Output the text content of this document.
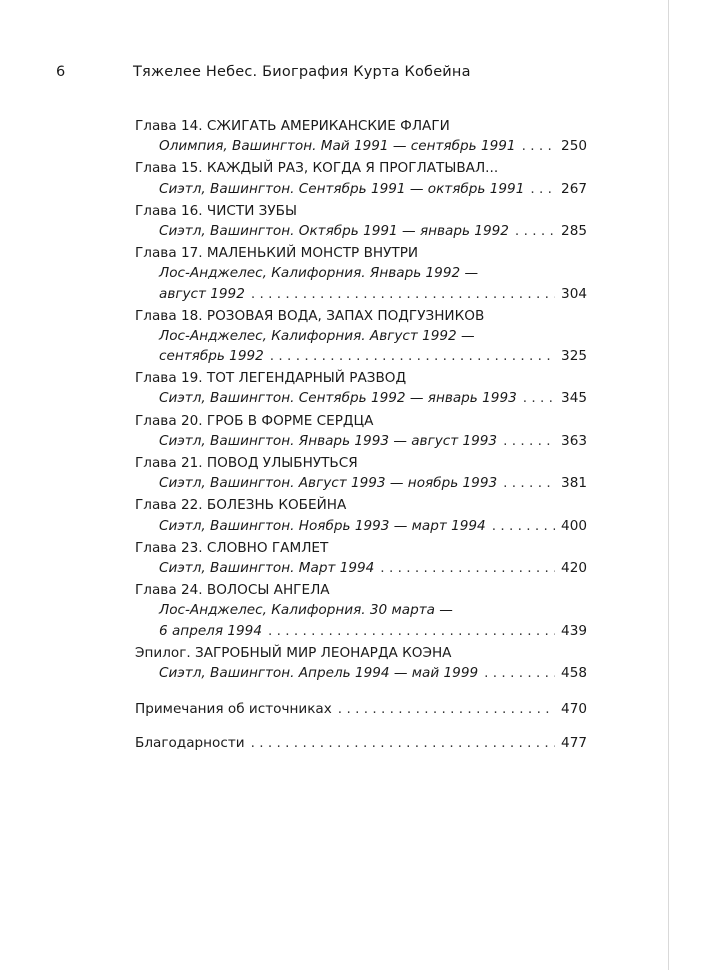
6	Тяжелее Небес. Биография Курта Кобейна
Глава 14. СЖИГАТЬ АМЕРИКАНСКИЕ ФЛАГИ
Олимпия, Вашингтон. Май 1991 — сентябрь 1991 . . .	250
Глава 15. КАЖДЫЙ РАЗ, КОГДА Я ПРОГЛАТЫВАЛ...
Сиэтл, Вашингтон. Сентябрь 1991 — октябрь 1991 . . .	267
Глава 16. ЧИСТИ ЗУБЫ
Сиэтл, Вашингтон. Октябрь 1991 — январь 1992 . . .	285
Глава 17. МАЛЕНЬКИЙ МОНСТР ВНУТРИ
Лос-Анджелес, Калифорния. Январь 1992 —
август 1992 . . .	304
Глава 18. РОЗОВАЯ ВОДА, ЗАПАХ ПОДГУЗНИКОВ
Лос-Анджелес, Калифорния. Август 1992 —
сентябрь 1992 . . .	325
Глава 19. ТОТ ЛЕГЕНДАРНЫЙ РАЗВОД
Сиэтл, Вашингтон. Сентябрь 1992 — январь 1993 . . .	345
Глава 20. ГРОБ В ФОРМЕ СЕРДЦА
Сиэтл, Вашингтон. Январь 1993 — август 1993 . . .	363
Глава 21. ПОВОД УЛЫБНУТЬСЯ
Сиэтл, Вашингтон. Август 1993 — ноябрь 1993 . . .	381
Глава 22. БОЛЕЗНЬ КОБЕЙНА
Сиэтл, Вашингтон. Ноябрь 1993 — март 1994 . . .	400
Глава 23. СЛОВНО ГАМЛЕТ
Сиэтл, Вашингтон. Март 1994 . . .	420
Глава 24. ВОЛОСЫ АНГЕЛА
Лос-Анджелес, Калифорния. 30 марта —
6 апреля 1994 . . .	439
Эпилог. ЗАГРОБНЫЙ МИР ЛЕОНАРДА КОЭНА
Сиэтл, Вашингтон. Апрель 1994 — май 1999 . . .	458
Примечания об источниках . . .	470
Благодарности . . .	477
